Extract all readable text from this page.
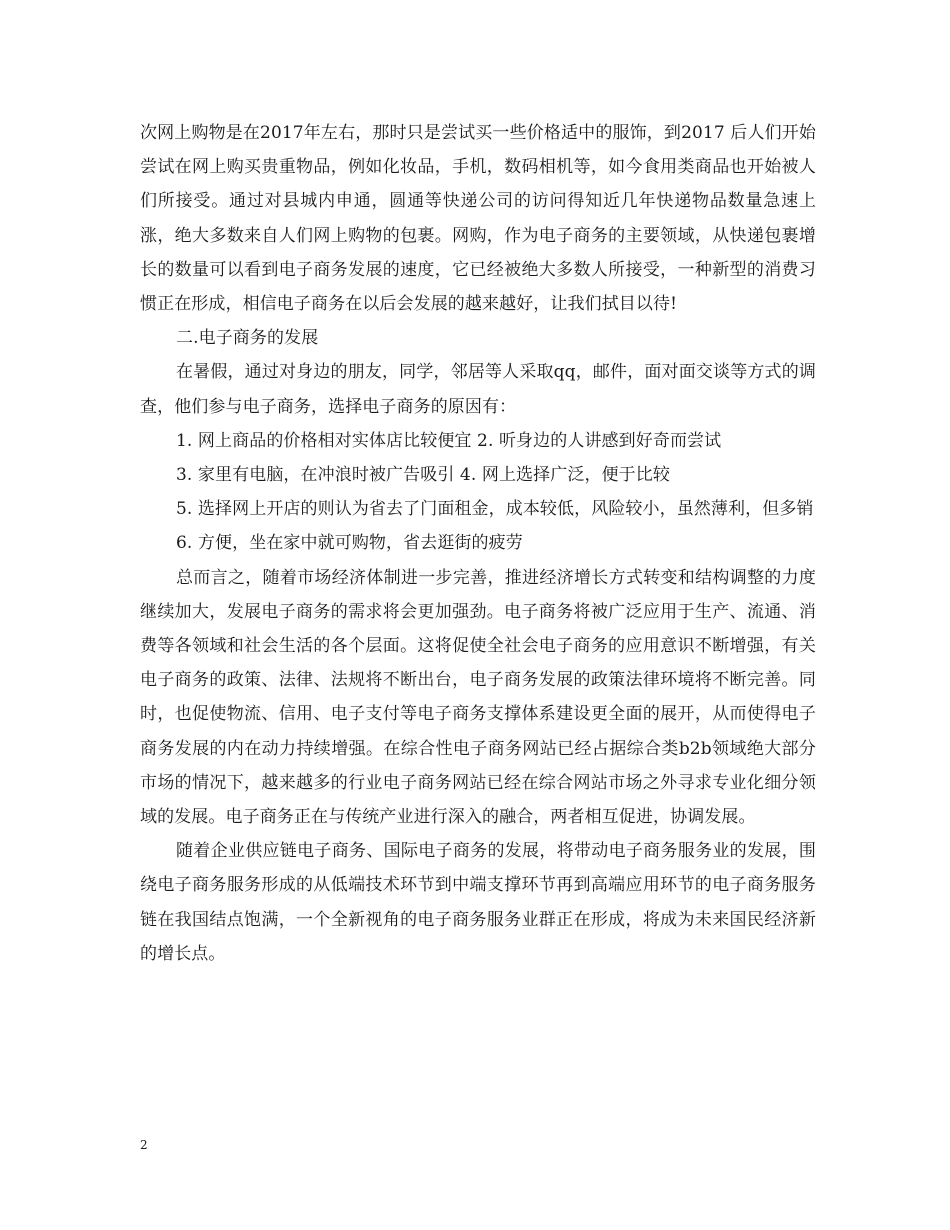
次网上购物是在2017年左右，那时只是尝试买一些价格适中的服饰，到2017 后人们开始尝试在网上购买贵重物品，例如化妆品，手机，数码相机等，如今食用类商品也开始被人们所接受。通过对县城内申通，圆通等快递公司的访问得知近几年快递物品数量急速上涨，绝大多数来自人们网上购物的包裹。网购，作为电子商务的主要领域，从快递包裹增长的数量可以看到电子商务发展的速度，它已经被绝大多数人所接受，一种新型的消费习惯正在形成，相信电子商务在以后会发展的越来越好，让我们拭目以待!

二.电子商务的发展

在暑假，通过对身边的朋友，同学，邻居等人采取qq，邮件，面对面交谈等方式的调查，他们参与电子商务，选择电子商务的原因有：

1. 网上商品的价格相对实体店比较便宜 2. 听身边的人讲感到好奇而尝试

3. 家里有电脑，在冲浪时被广告吸引 4. 网上选择广泛，便于比较

5. 选择网上开店的则认为省去了门面租金，成本较低，风险较小，虽然薄利，但多销

6. 方便，坐在家中就可购物，省去逛街的疲劳

总而言之，随着市场经济体制进一步完善，推进经济增长方式转变和结构调整的力度继续加大，发展电子商务的需求将会更加强劲。电子商务将被广泛应用于生产、流通、消费等各领域和社会生活的各个层面。这将促使全社会电子商务的应用意识不断增强，有关电子商务的政策、法律、法规将不断出台，电子商务发展的政策法律环境将不断完善。同时，也促使物流、信用、电子支付等电子商务支撑体系建设更全面的展开，从而使得电子商务发展的内在动力持续增强。在综合性电子商务网站已经占据综合类b2b领域绝大部分市场的情况下，越来越多的行业电子商务网站已经在综合网站市场之外寻求专业化细分领域的发展。电子商务正在与传统产业进行深入的融合，两者相互促进，协调发展。

随着企业供应链电子商务、国际电子商务的发展，将带动电子商务服务业的发展，围绕电子商务服务形成的从低端技术环节到中端支撑环节再到高端应用环节的电子商务服务链在我国结点饱满，一个全新视角的电子商务服务业群正在形成，将成为未来国民经济新的增长点。

2
